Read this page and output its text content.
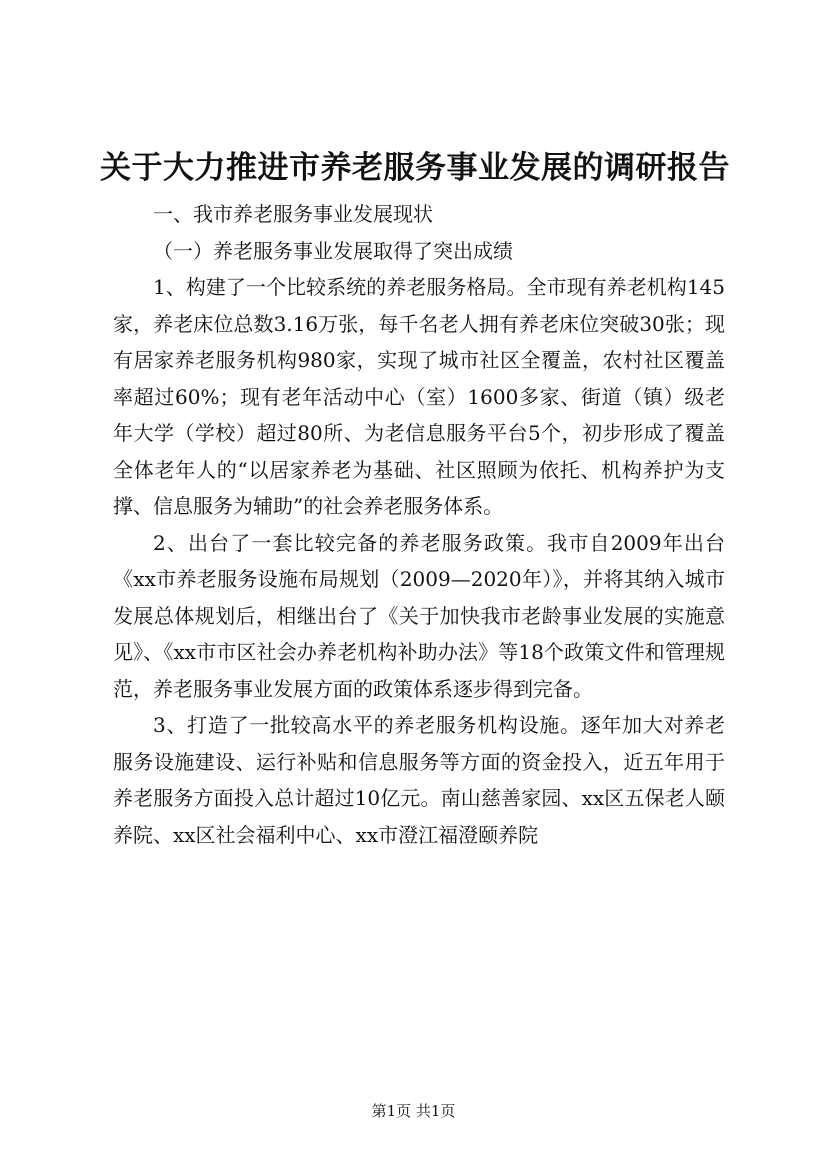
关于大力推进市养老服务事业发展的调研报告

一、我市养老服务事业发展现状

（一）养老服务事业发展取得了突出成绩

1、构建了一个比较系统的养老服务格局。全市现有养老机构145家，养老床位总数3.16万张，每千名老人拥有养老床位突破30张；现有居家养老服务机构980家，实现了城市社区全覆盖，农村社区覆盖率超过60%；现有老年活动中心（室）1600多家、街道（镇）级老年大学（学校）超过80所、为老信息服务平台5个，初步形成了覆盖全体老年人的“以居家养老为基础、社区照顾为依托、机构养护为支撑、信息服务为辅助”的社会养老服务体系。

2、出台了一套比较完备的养老服务政策。我市自2009年出台《xx市养老服务设施布局规划（2009—2020年）》，并将其纳入城市发展总体规划后，相继出台了《关于加快我市老龄事业发展的实施意见》、《xx市市区社会办养老机构补助办法》等18个政策文件和管理规范，养老服务事业发展方面的政策体系逐步得到完备。

3、打造了一批较高水平的养老服务机构设施。逐年加大对养老服务设施建设、运行补贴和信息服务等方面的资金投入，近五年用于养老服务方面投入总计超过10亿元。南山慈善家园、xx区五保老人颐养院、xx区社会福利中心、xx市澄江福澄颐养院

第1页 共1页
